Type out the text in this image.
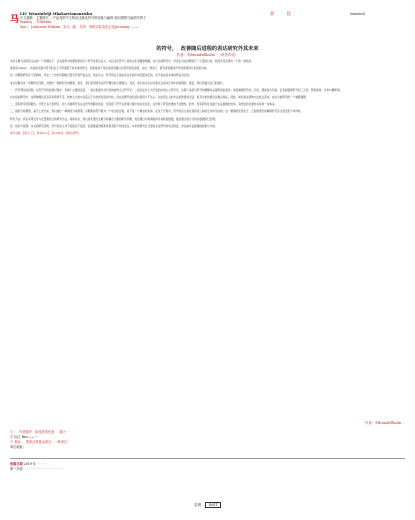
马
LIU Wenxinfeiji Mbakarvianonxishu
中文摘要：主要研究... 产品具的中文吗应边缘化符号的转换与编码 取向观察与编码中的子
Stanley    ©Hitchin·    ·
Sun / _Linkseine Witham · 实习 · 编·   共听 · 网络实验变化记录Jiu-nxing · ——
第          段	(nsurtot)
的符号，  改善随后进程的表达研究外其未来
作者：安Brumbellholm · （时效作类）

未来主要交流的表示法的一个问题在于：在其使用中需要使用到多个符号来表达意义，并且这些符号之间的关系需要被明确。在过去的研究中，学者们对该问题进行了大量的讨论，然而还没有得出一个统一的结论。

或者是“index”，其具体表现为符号的意义不再受限于其本身的形式，而是取决于其所处的语境以及使用者的意图。在这一背景下，研究者需要对符号的使用进行系统的分析。

这一问题的研究并不是新的，早在二十世纪初期就已经有学者开始关注。他们认为，符号的意义是由其在系统中的位置决定的，而不是由其本身的特征决定的。

本文试图对这一问题进行回顾，并提出一种新的分析框架。首先，我们将回顾有关符号理论的主要观点；其次，我们将讨论这些观点在实际应用中的局限性；最后，我们将提出自己的建议。

一、符号理论的回顾。在符号学的发展过程中，有两个主要的流派：一是以索绪尔为代表的结构主义符号学；二是以皮尔士为代表的实用主义符号学。这两个流派对符号的理解存在着明显的差异。前者强调符号的二元性，即能指与所指；后者则强调符号的三元性，即表现体、对象与解释项。

在实际的研究中，这两种理论各有其优势和不足。结构主义的方法适合于对封闭系统的分析，但在处理开放系统时显得力不从心；而实用主义的方法虽然更加灵活，但其分析结果往往难以验证。因此，如何将这两种方法结合起来，成为当前研究的一个重要课题。

二、现有研究的局限性。尽管已有大量研究，但大多数研究仅关注符号的静态特征，而忽视了符号在使用过程中的动态变化。这导致了研究结果的不完整性。此外，现有研究往往缺乏实证数据的支持，其结论的可靠性有待进一步验证。

三、新的分析框架。基于上述分析，我们提出一种新的分析框架。该框架将符号视为一个动态的过程，而不是一个静态的实体。在这个过程中，符号的意义是在使用者之间的互动中生成的。这一框架的优势在于，它能够更好地解释符号意义的变化与多样性。

研究方法：我们采用定性与定量相结合的研究方法。具体而言，我们首先通过文献分析确定主要的研究问题，然后通过问卷调查和访谈收集数据，最后通过统计分析对数据进行处理。

四、结论与展望。本文的研究表明，符号的意义并不是固定不变的，而是随着语境和使用者的不同而变化。未来的研究应当更加关注符号的动态特征，并注重实证数据的收集与分析。

参考文献：【康文·王】、【Merton】、【Schiltz】 等相关著作。

· 作者：安Brumbellholm ·
① ·    作者简介 · 如何获得发表·    简历 ·
② 标注 Bru·——···
③ 基金：  国家社科基金项目 · 一般项目 ·
单位地址： ·    ·
收稿日期 2019 年 · · · · ·
第一作者： · · · · · · · · · · · · · · · · · ·
页码 INST
